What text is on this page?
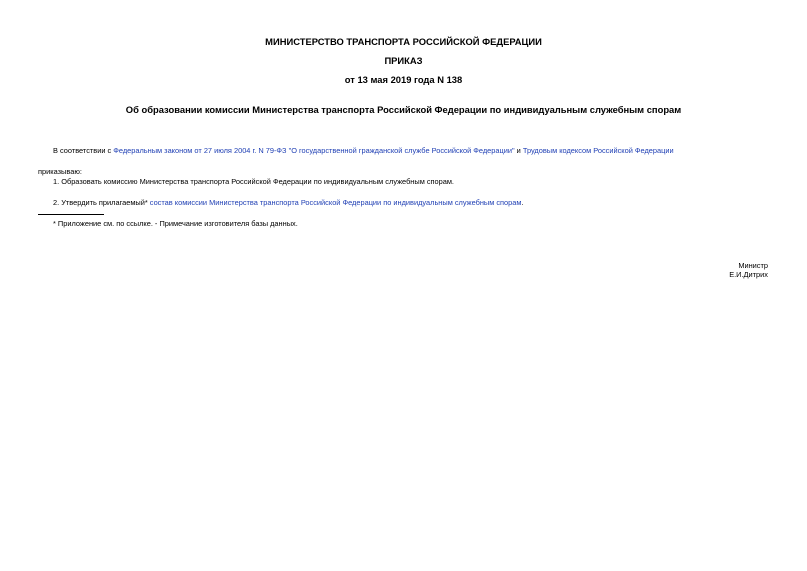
МИНИСТЕРСТВО ТРАНСПОРТА РОССИЙСКОЙ ФЕДЕРАЦИИ
ПРИКАЗ
от 13 мая 2019 года N 138
Об образовании комиссии Министерства транспорта Российской Федерации по индивидуальным служебным спорам
В соответствии с Федеральным законом от 27 июля 2004 г. N 79-ФЗ "О государственной гражданской службе Российской Федерации" и Трудовым кодексом Российской Федерации
приказываю:
1. Образовать комиссию Министерства транспорта Российской Федерации по индивидуальным служебным спорам.
2. Утвердить прилагаемый* состав комиссии Министерства транспорта Российской Федерации по индивидуальным служебным спорам.
* Приложение см. по ссылке. - Примечание изготовителя базы данных.
Министр
Е.И.Дитрих
